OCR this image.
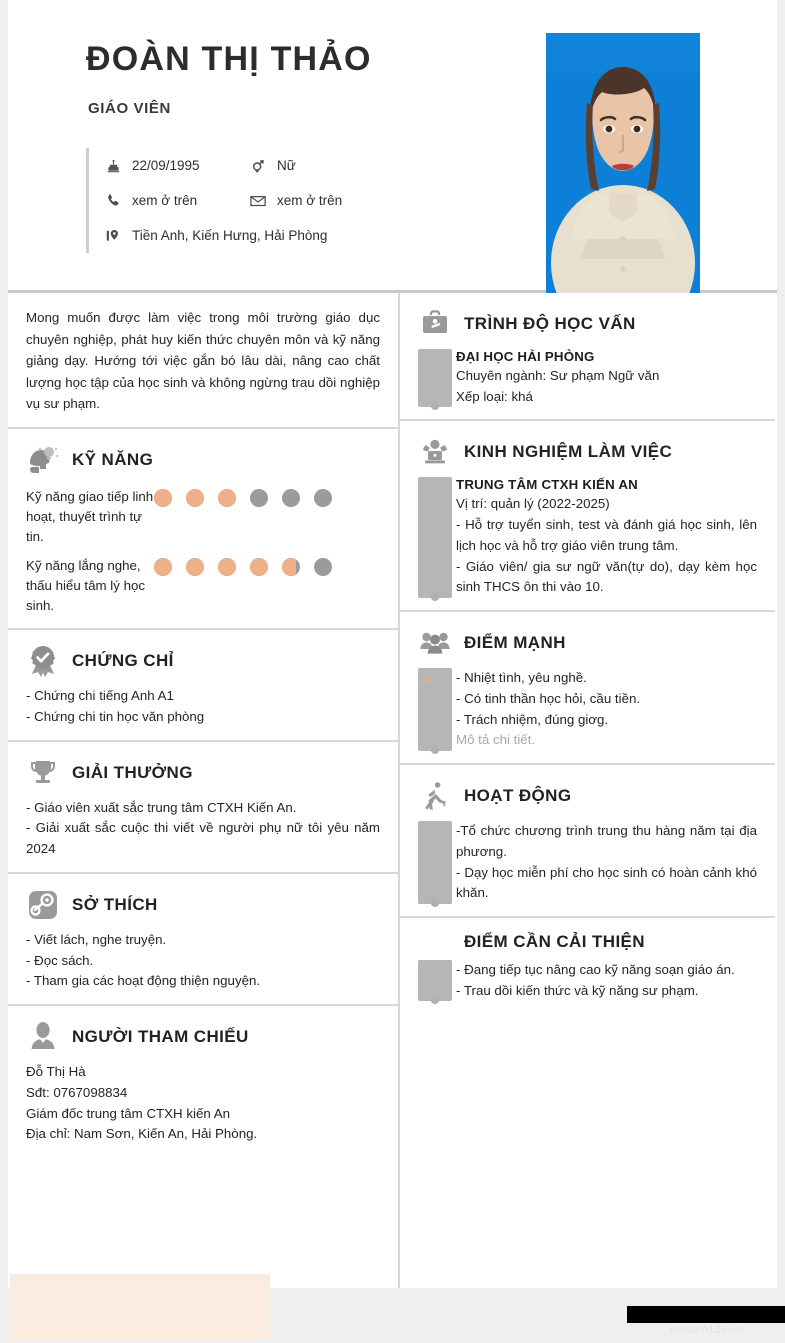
ĐOÀN THỊ THẢO
GIÁO VIÊN
22/09/1995	Nữ
xem ở trên	xem ở trên
Tiền Anh, Kiến Hưng, Hải Phòng
Mong muốn được làm việc trong môi trường giáo dục chuyên nghiệp, phát huy kiến thức chuyên môn và kỹ năng giảng dạy. Hướng tới việc gắn bó lâu dài, nâng cao chất lượng học tập của học sinh và không ngừng trau dồi nghiệp vụ sư phạm.
KỸ NĂNG
Kỹ năng giao tiếp linh hoạt, thuyết trình tự tin.
Kỹ năng lắng nghe, thấu hiểu tâm lý học sinh.
CHỨNG CHỈ
- Chứng chi tiếng Anh A1
- Chứng chi tin học văn phòng
GIẢI THƯỞNG
- Giáo viên xuất sắc trung tâm CTXH Kiến An.
- Giải xuất sắc cuộc thi viết về người phụ nữ tôi yêu năm 2024
SỞ THÍCH
- Viết lách, nghe truyện.
- Đọc sách.
- Tham gia các hoạt động thiện nguyện.
NGƯỜI THAM CHIẾU
Đỗ Thị Hà
Sđt: 0767098834
Giám đốc trung tâm CTXH kiến An
Địa chỉ: Nam Sơn, Kiến An, Hải Phòng.
TRÌNH ĐỘ HỌC VẤN
ĐẠI HỌC HẢI PHÒNG
Chuyên ngành: Sư phạm Ngữ văn
Xếp loại: khá
KINH NGHIỆM LÀM VIỆC
TRUNG TÂM CTXH KIẾN AN
Vị trí: quản lý (2022-2025)
- Hỗ trợ tuyển sinh, test và đánh giá học sinh, lên lịch học và hỗ trợ giáo viên trung tâm.
- Giáo viên/ gia sư ngữ văn(tự do), dạy kèm học sinh THCS ôn thi vào 10.
ĐIỂM MẠNH
- Nhiệt tình, yêu nghề.
- Có tinh thần học hỏi, cầu tiền.
- Trách nhiệm, đúng giơg.
Mô tả chi tiết.
HOẠT ĐỘNG
-Tổ chức chương trình trung thu hàng năm tại địa phương.
- Dạy học miễn phí cho học sinh có hoàn cảnh khó khăn.
ĐIỂM CẦN CẢI THIỆN
- Đang tiếp tục nâng cao kỹ năng soạn giáo án.
- Trau dồi kiến thức và kỹ năng sư phạm.
vieclam123.vn
